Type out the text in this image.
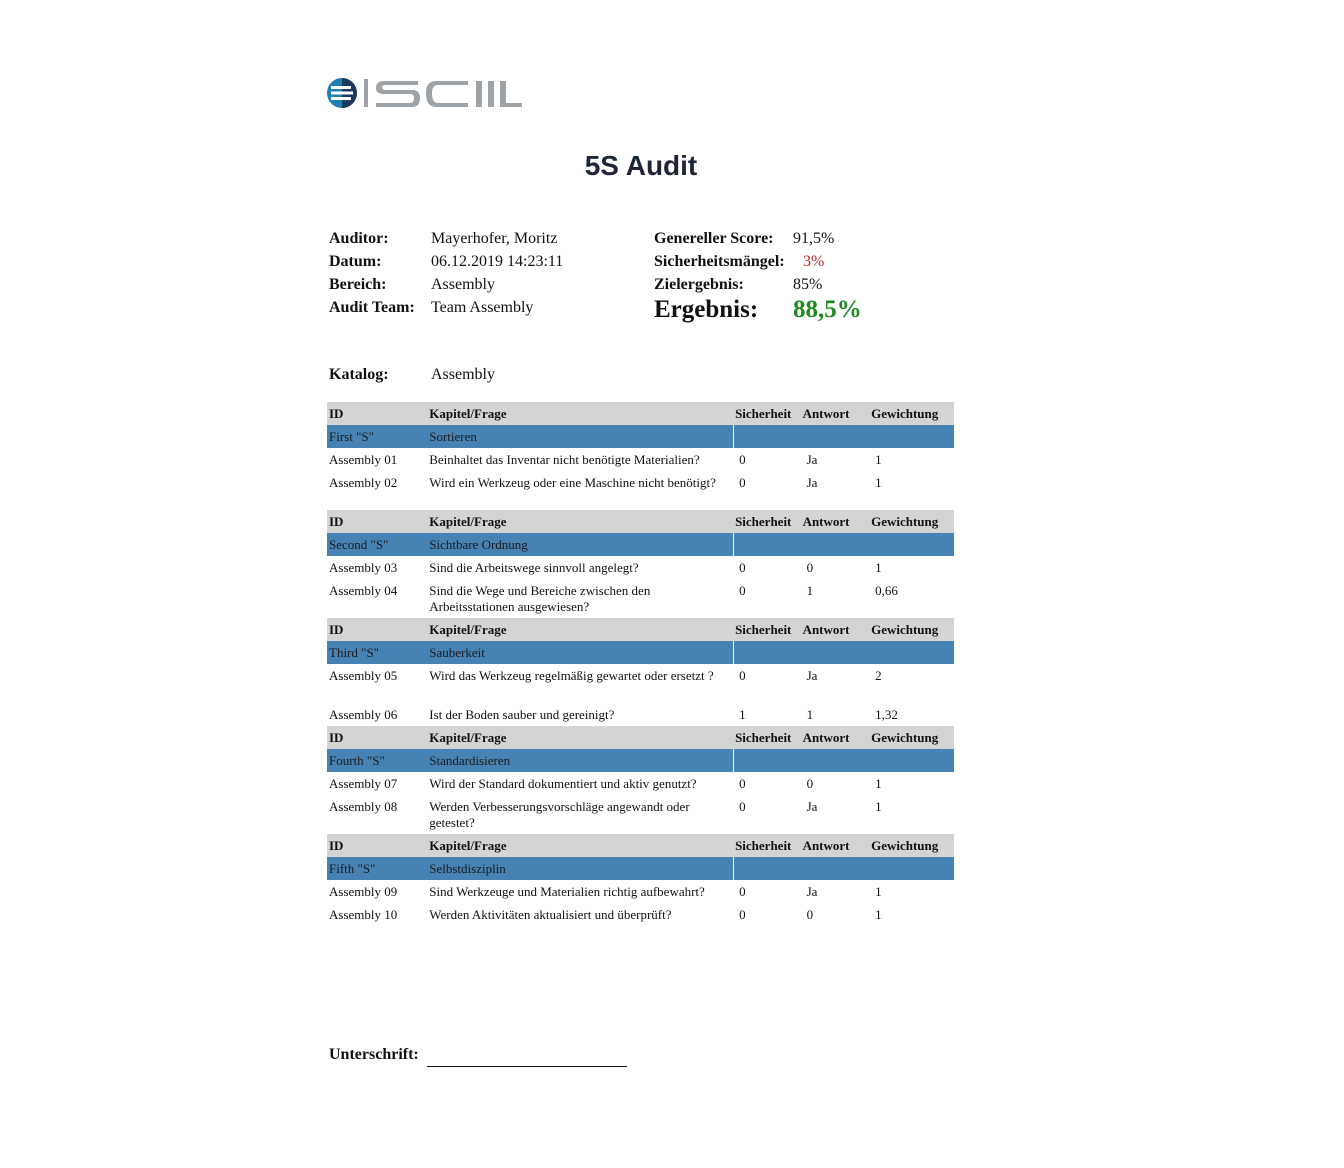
5S Audit
Auditor:	Mayerhofer, Moritz
Datum:	06.12.2019 14:23:11
Bereich:	Assembly
Audit Team: Team Assembly
Genereller Score: 91,5%
Sicherheitsmängel: 3%
Zielergebnis:	85%
Ergebnis: 88,5%
Katalog:	Assembly
ID	Kapitel/Frage	Sicherheit	Antwort	Gewichtung
First "S"	Sortieren			
Assembly 01	Beinhaltet das Inventar nicht benötigte Materialien?	0	Ja	1
Assembly 02	Wird ein Werkzeug oder eine Maschine nicht benötigt?	0	Ja	1
ID	Kapitel/Frage	Sicherheit	Antwort	Gewichtung
Second "S"	Sichtbare Ordnung			
Assembly 03	Sind die Arbeitswege sinnvoll angelegt?	0	0	1
Assembly 04	Sind die Wege und Bereiche zwischen den Arbeitsstationen ausgewiesen?	0	1	0,66
ID	Kapitel/Frage	Sicherheit	Antwort	Gewichtung
Third "S"	Sauberkeit			
Assembly 05	Wird das Werkzeug regelmäßig gewartet oder ersetzt ?	0	Ja	2
Assembly 06	Ist der Boden sauber und gereinigt?	1	1	1,32
ID	Kapitel/Frage	Sicherheit	Antwort	Gewichtung
Fourth "S"	Standardisieren			
Assembly 07	Wird der Standard dokumentiert und aktiv genutzt?	0	0	1
Assembly 08	Werden Verbesserungsvorschläge angewandt oder getestet?	0	Ja	1
ID	Kapitel/Frage	Sicherheit	Antwort	Gewichtung
Fifth "S"	Selbstdisziplin			
Assembly 09	Sind Werkzeuge und Materialien richtig aufbewahrt?	0	Ja	1
Assembly 10	Werden Aktivitäten aktualisiert und überprüft?	0	0	1
Unterschrift:
